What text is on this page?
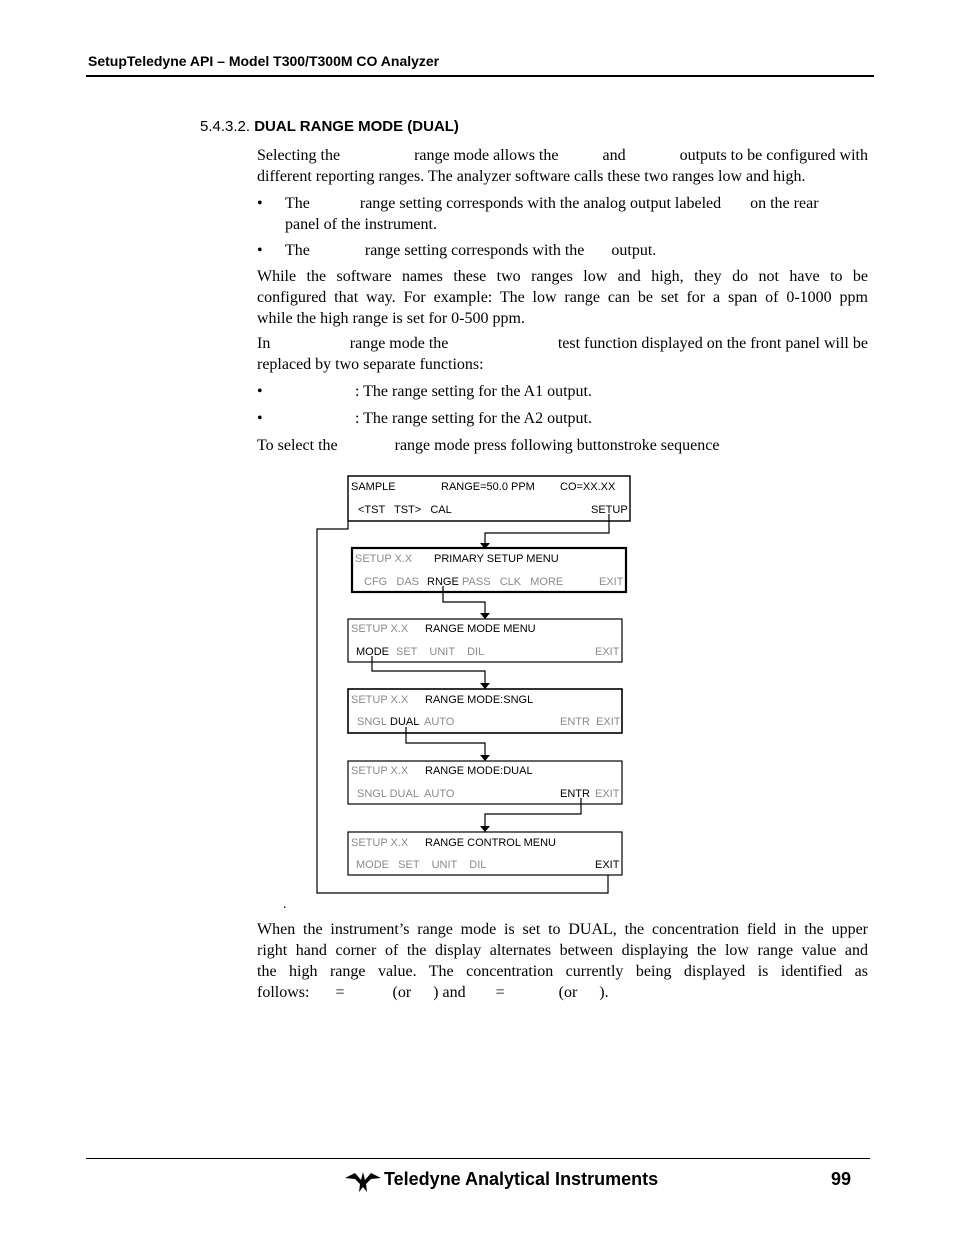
SetupTeledyne API – Model T300/T300M CO Analyzer
5.4.3.2. DUAL RANGE MODE (DUAL)
Selecting the	range mode allows the	and	outputs to be configured with
different reporting ranges. The analyzer software calls these two ranges low and high.
• The	range setting corresponds with the analog output labeled on the rear
panel of the instrument.
• The	range setting corresponds with the output.
While the software names these two ranges low and high, they do not have to be
configured that way. For example: The low range can be set for a span of 0-1000 ppm
while the high range is set for 0-500 ppm.
In	range mode the	test function displayed on the front panel will be
replaced by two separate functions:
•	: The range setting for the A1 output.
•	: The range setting for the A2 output.
To select the	range mode press following buttonstroke sequence
SAMPLE	RANGE=50.0 PPM CO=XX.XX
<TST   TST>   CAL	SETUP
SETUP X.X PRIMARY SETUP MENU
CFG   DAS RNGE PASS   CLK   MORE	EXIT
SETUP X.X RANGE MODE MENU
MODE SET    UNIT    DIL	EXIT
SETUP X.X RANGE MODE:SNGL
SNGL DUAL AUTO	ENTR  EXIT
SETUP X.X RANGE MODE:DUAL
SNGL DUAL  AUTO	ENTR EXIT
SETUP X.X RANGE CONTROL MENU
MODE   SET    UNIT    DIL	EXIT
.
When the instrument’s range mode is set to DUAL, the concentration field in the upper
right hand corner of the display alternates between displaying the low range value and
the high range value. The concentration currently being displayed is identified as
follows: =	(or ) and =	(or ).
Teledyne Analytical Instruments	99
